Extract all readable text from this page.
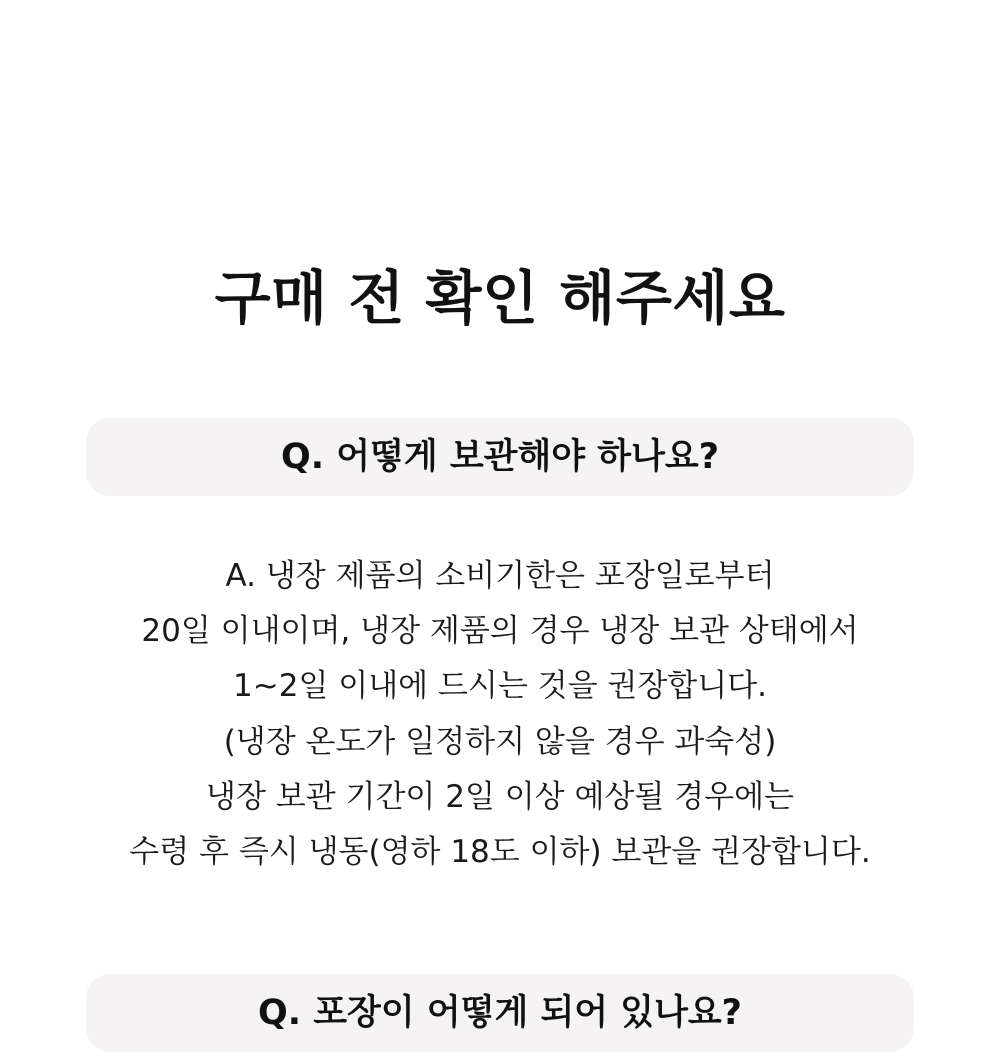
구매 전 확인 해주세요
Q. 어떻게 보관해야 하나요?
A. 냉장 제품의 소비기한은 포장일로부터
20일 이내이며, 냉장 제품의 경우 냉장 보관 상태에서
1~2일 이내에 드시는 것을 권장합니다.
(냉장 온도가 일정하지 않을 경우 과숙성)
냉장 보관 기간이 2일 이상 예상될 경우에는
수령 후 즉시 냉동(영하 18도 이하) 보관을 권장합니다.
Q. 포장이 어떻게 되어 있나요?
